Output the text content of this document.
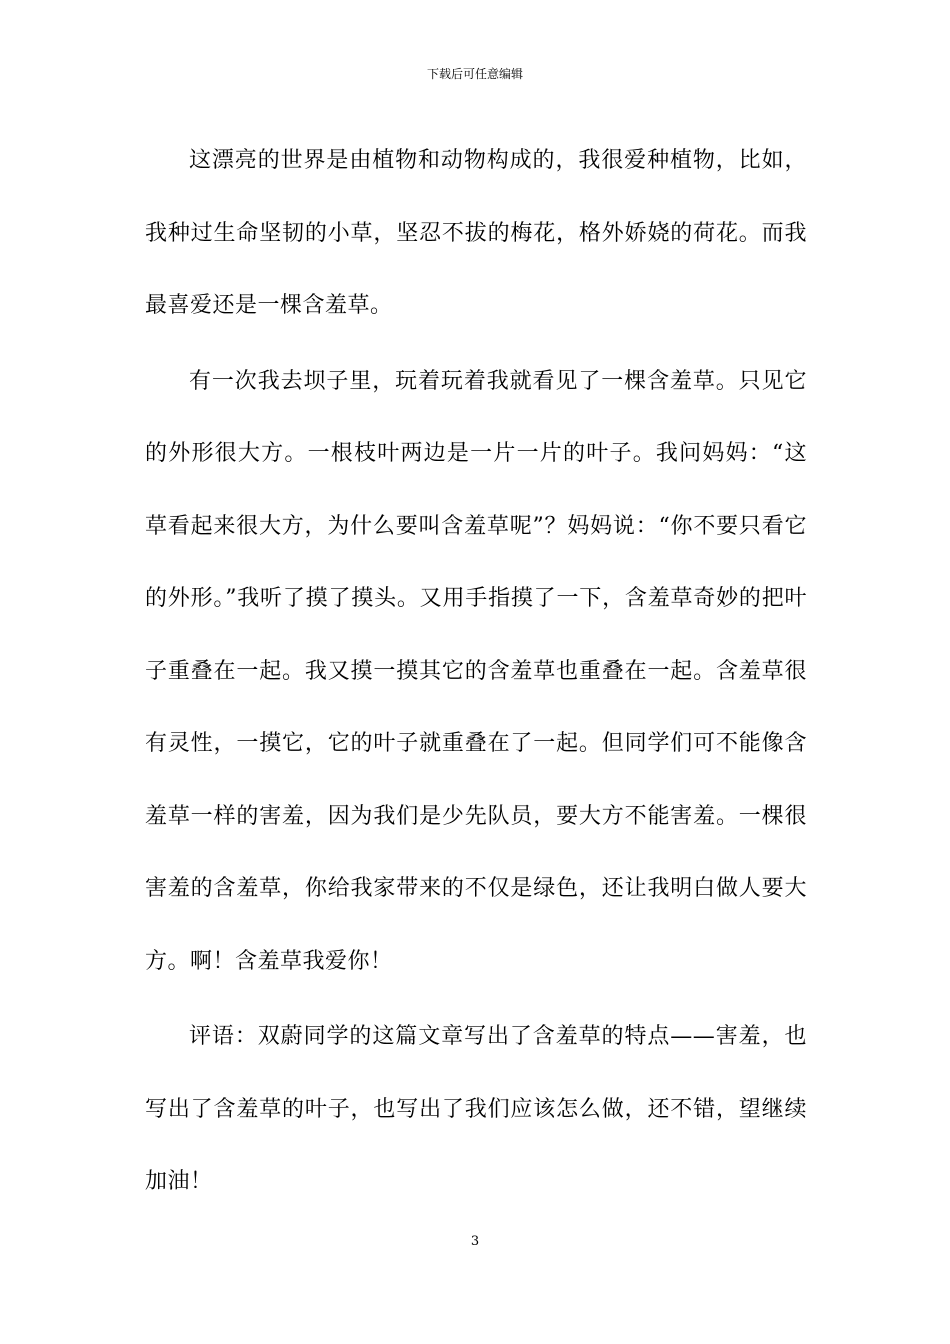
下载后可任意编辑

这漂亮的世界是由植物和动物构成的，我很爱种植物，比如，我种过生命坚韧的小草，坚忍不拔的梅花，格外娇娆的荷花。而我最喜爱还是一棵含羞草。

有一次我去坝子里，玩着玩着我就看见了一棵含羞草。只见它的外形很大方。一根枝叶两边是一片一片的叶子。我问妈妈：“这草看起来很大方，为什么要叫含羞草呢”？妈妈说：“你不要只看它的外形。”我听了摸了摸头。又用手指摸了一下，含羞草奇妙的把叶子重叠在一起。我又摸一摸其它的含羞草也重叠在一起。含羞草很有灵性，一摸它，它的叶子就重叠在了一起。但同学们可不能像含羞草一样的害羞，因为我们是少先队员，要大方不能害羞。一棵很害羞的含羞草，你给我家带来的不仅是绿色，还让我明白做人要大方。啊！含羞草我爱你！

评语：双蔚同学的这篇文章写出了含羞草的特点——害羞，也写出了含羞草的叶子，也写出了我们应该怎么做，还不错，望继续加油！

3
